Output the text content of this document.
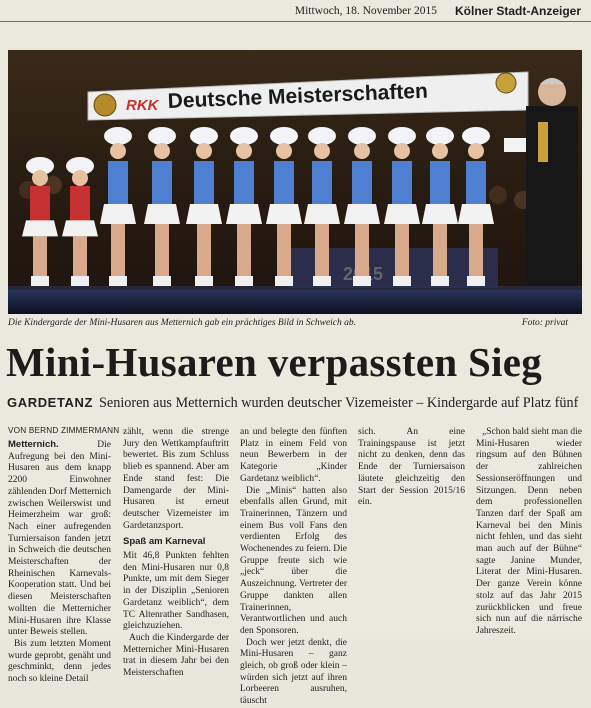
Mittwoch, 18. November 2015 Kölner Stadt-Anzeiger
RKK Deutsche Meisterschaften
Die Kindergarde der Mini-Husaren aus Metternich gab ein prächtiges Bild in Schweich ab.	Foto: privat
Mini-Husaren verpassten Sieg
GARDETANZ Senioren aus Metternich wurden deutscher Vizemeister – Kindergarde auf Platz fünf
VON BERND ZIMMERMANN

Metternich.	Die Aufregung bei den Mini-Husaren aus dem knapp 2200 Einwohner zählenden Dorf Metternich zwischen Weilerswist und Heimerzheim war groß: Nach einer aufregenden Turniersaison fanden jetzt in Schweich die deutschen Meisterschaften der Rheinischen Karnevals-Kooperation statt. Und bei diesen Meisterschaften wollten die Metternicher Mini-Husaren ihre Klasse unter Beweis stellen.

Bis zum letzten Moment wurde geprobt, genäht und geschminkt, denn jedes noch so kleine Detail

zählt, wenn die strenge Jury den Wettkampfauftritt bewertet. Bis zum Schluss blieb es spannend. Aber am Ende stand fest: Die Damengarde der Mini-Husaren ist erneut deutscher Vizemeister im Gardetanzsport.

Spaß am Karneval

Mit 46,8 Punkten fehlten den Mini-Husaren nur 0,8 Punkte, um mit dem Sieger in der Disziplin „Senioren Gardetanz weiblich“, dem TC Altenrather Sandhasen, gleichzuziehen.

Auch die Kindergarde der Metternicher Mini-Husaren trat in diesem Jahr bei den Meisterschaften

an und belegte den fünften Platz in einem Feld von neun Bewerbern in der Kategorie „Kinder Gardetanz weiblich“.

Die „Minis“ hatten also ebenfalls allen Grund, mit Trainerinnen, Tänzern und einem Bus voll Fans den verdienten Erfolg des Wochenendes zu feiern. Die Gruppe freute sich wie „jeck“ über die Auszeichnung. Vertreter der Gruppe dankten allen Trainerinnen, Verantwortlichen und auch den Sponsoren.

Doch wer jetzt denkt, die Mini-Husaren – ganz gleich, ob groß oder klein – würden sich jetzt auf ihren Lorbeeren ausruhen, täuscht

sich. An eine Trainingspause ist jetzt nicht zu denken, denn das Ende der Turniersaison läutete gleichzeitig den Start der Session 2015/16 ein.

„Schon bald sieht man die Mini-Husaren wieder ringsum auf den Bühnen der zahlreichen Sessionseröffnungen und Sitzungen. Denn neben dem professionellen Tanzen darf der Spaß am Karneval bei den Minis nicht fehlen, und das sieht man auch auf der Bühne“ sagte Janine Munder, Literat der Mini-Husaren. Der ganze Verein könne stolz auf das Jahr 2015 zurückblicken und freue sich nun auf die närrische Jahreszeit.
